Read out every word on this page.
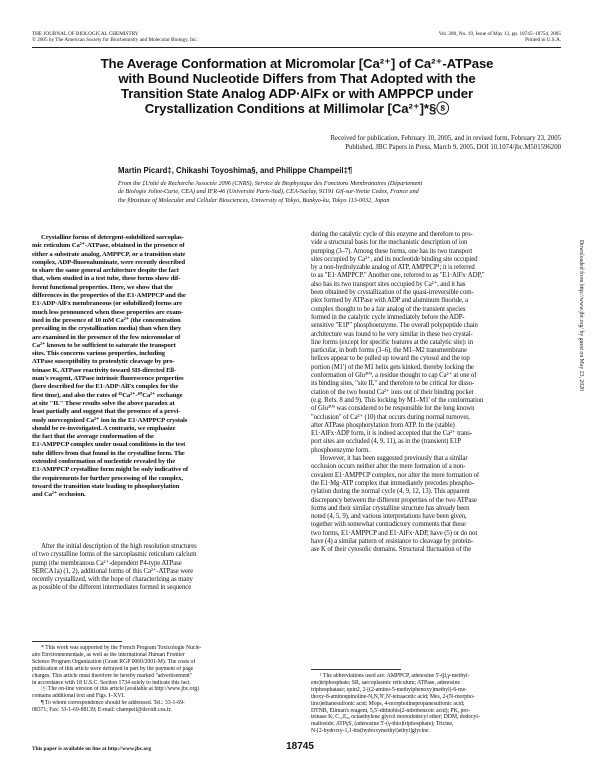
THE JOURNAL OF BIOLOGICAL CHEMISTRY
© 2005 by The American Society for Biochemistry and Molecular Biology, Inc.
Vol. 280, No. 19, Issue of May 13, pp. 18745–18754, 2005
Printed in U.S.A.
The Average Conformation at Micromolar [Ca²⁺] of Ca²⁺-ATPase
with Bound Nucleotide Differs from That Adopted with the
Transition State Analog ADP·AlFx or with AMPPCP under
Crystallization Conditions at Millimolar [Ca²⁺]*§ⓢ
Received for publication, February 10, 2005, and in revised form, February 23, 2005
Published, JBC Papers in Press, March 9, 2005, DOI 10.1074/jbc.M501596200
Martin Picard‡, Chikashi Toyoshima§, and Philippe Champeil‡¶
From the ‡Unité de Recherche Associée 2096 (CNRS), Service de Biophysique des Fonctions Membranaires (Département
de Biologie Joliot-Curie, CEA) and IFR-46 (Université Paris-Sud), CEA-Saclay, 91191 Gif-sur-Yvette Cedex, France and
the §Institute of Molecular and Cellular Biosciences, University of Tokyo, Bunkyo-ku, Tokyo 113-0032, Japan
Crystalline forms of detergent-solubilized sarcoplas-
mic reticulum Ca²⁺-ATPase, obtained in the presence of
either a substrate analog, AMPPCP, or a transition state
complex, ADP-fluoroaluminate, were recently described
to share the same general architecture despite the fact
that, when studied in a test tube, these forms show dif-
ferent functional properties. Here, we show that the
differences in the properties of the E1·AMPPCP and the
E1·ADP·AlFx membraneous (or solubilized) forms are
much less pronounced when these properties are exam-
ined in the presence of 10 mM Ca²⁺ (the concentration
prevailing in the crystallization media) than when they
are examined in the presence of the few micromolar of
Ca²⁺ known to be sufficient to saturate the transport
sites. This concerns various properties, including
ATPase susceptibility to proteolytic cleavage by pro-
teinase K, ATPase reactivity toward SH-directed Ell-
man's reagent, ATPase intrinsic fluorescence properties
(here described for the E1·ADP·AlFx complex for the
first time), and also the rates of ⁴⁵Ca²⁺-⁴⁰Ca²⁺ exchange
at site "II." These results solve the above paradox at
least partially and suggest that the presence of a previ-
ously unrecognized Ca²⁺ ion in the E1·AMPPCP crystals
should be re-investigated. A contrario, we emphasize
the fact that the average conformation of the
E1·AMPPCP complex under usual conditions in the test
tube differs from that found in the crystalline form. The
extended conformation of nucleotide revealed by the
E1·AMPPCP crystalline form might be only indicative of
the requirements for further processing of the complex,
toward the transition state leading to phosphorylation
and Ca²⁺ occlusion.
After the initial description of the high resolution structures
of two crystalline forms of the sarcoplasmic reticulum calcium
pump (the membranous Ca²⁺-dependent P4-type ATPase
SERCA1a) (1, 2), additional forms of this Ca²⁺-ATPase were
recently crystallized, with the hope of characterizing as many
as possible of the different intermediates formed in sequence
during the catalytic cycle of this enzyme and therefore to pro-
vide a structural basis for the mechanistic description of ion
pumping (3–7). Among these forms, one has its two transport
sites occupied by Ca²⁺, and its nucleotide binding site occupied
by a non-hydrolyzable analog of ATP, AMPPCP¹; it is referred
to as "E1·AMPPCP." Another one, referred to as "E1·AlFx·ADP,"
also has its two transport sites occupied by Ca²⁺, and it has
been obtained by crystallization of the quasi-irreversible com-
plex formed by ATPase with ADP and aluminum fluoride, a
complex thought to be a fair analog of the transient species
formed in the catalytic cycle immediately before the ADP-
sensitive "E1P" phosphoenzyme. The overall polypeptide chain
architecture was found to be very similar in these two crystal-
line forms (except for specific features at the catalytic site): in
particular, in both forms (3–6), the M1–M2 transmembrane
helices appear to be pulled up toward the cytosol and the top
portion (M1') of the M1 helix gets kinked, thereby locking the
conformation of Glu³⁰⁹, a residue thought to cap Ca²⁺ at one of
its binding sites, "site II," and therefore to be critical for disso-
ciation of the two bound Ca²⁺ ions out of their binding pocket
(e.g. Refs. 8 and 9). This locking by M1–M1' of the conformation
of Glu³⁰⁹ was considered to be responsible for the long known
"occlusion" of Ca²⁺ (10) that occurs during normal turnover,
after ATPase phosphorylation from ATP. In the (stable)
E1·AlFx·ADP form, it is indeed accepted that the Ca²⁺ trans-
port sites are occluded (4, 9, 11), as in the (transient) E1P
phosphoenzyme form.
However, it has been suggested previously that a similar
occlusion occurs neither after the mere formation of a non-
covalent E1·AMPPCP complex, nor after the mere formation of
the E1·Mg·ATP complex that immediately precedes phospho-
rylation during the normal cycle (4, 9, 12, 13). This apparent
discrepancy between the different properties of the two ATPase
forms and their similar crystalline structure has already been
noted (4, 5, 9), and various interpretations have been given,
together with somewhat contradictory comments that these
two forms, E1·AMPPCP and E1·AlFx·ADP, have (5) or do not
have (4) a similar pattern of resistance to cleavage by protein-
ase K of their cytosolic domains. Structural fluctuation of the
* This work was supported by the French Program Toxicologie Nuclé-
aire Environnementale, as well as the international Human Frontier
Science Program Organization (Grant RGP 0060/2001-M). The costs of
publication of this article were defrayed in part by the payment of page
charges. This article must therefore be hereby marked "advertisement"
in accordance with 18 U.S.C. Section 1734 solely to indicate this fact.
ⓢ The on-line version of this article (available at http://www.jbc.org)
contains additional text and Figs. I–XVI.
¶ To whom correspondence should be addressed. Tel.: 33-1-69-
08371; Fax: 33-1-69-88139; E-mail: champeil@dsvidf.cea.fr.
¹ The abbreviations used are: AMPPCP, adenosine 5'-(β,γ-methyl-
ene)triphosphate; SR, sarcoplasmic reticulum; ATPase, adenosine
triphosphatase; quin2, 2-[(2-amino-5-methylphenoxy)methyl]-6-me-
thoxy-8-aminoquinoline-N,N,N',N'-tetraacetic acid; Mes, 2-(N-morpho-
lino)ethanesulfonic acid; Mops, 4-morpholinepropanesulfonic acid;
DTNB, Ellman's reagent, 5,5'-dithiobis(2-nitrobenzoic acid); PK, pro-
teinase K; C₁₂E₈, octaethylene glycol monododecyl ether; DDM, dodecyl-
maltoside; ATPγS, (adenosine 5'-(γ-thio)triphosphate); Tricine,
N-[2-hydroxy-1,1-bis(hydroxymethyl)ethyl]glycine.
This paper is available on line at http://www.jbc.org	18745
Downloaded from http://www.jbc.org/ by guest on May 23, 2020
